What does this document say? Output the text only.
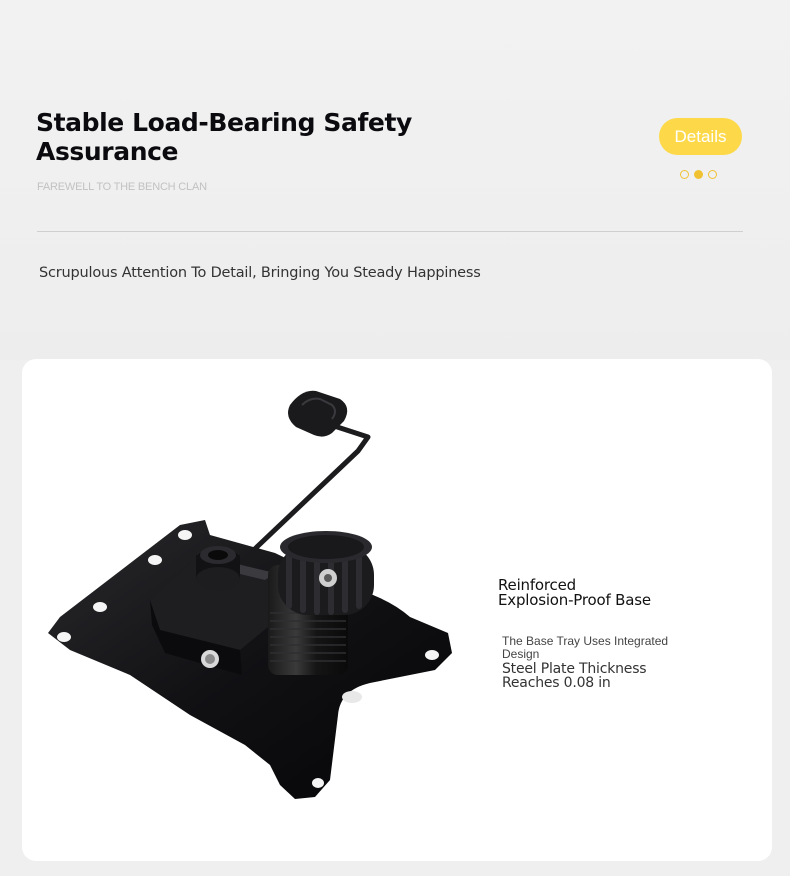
Stable Load-Bearing Safety Assurance
FAREWELL TO THE BENCH CLAN
Details
Scrupulous Attention To Detail, Bringing You Steady Happiness
Reinforced
Explosion-Proof Base
The Base Tray Uses Integrated Design
Steel Plate Thickness Reaches 0.08 in
